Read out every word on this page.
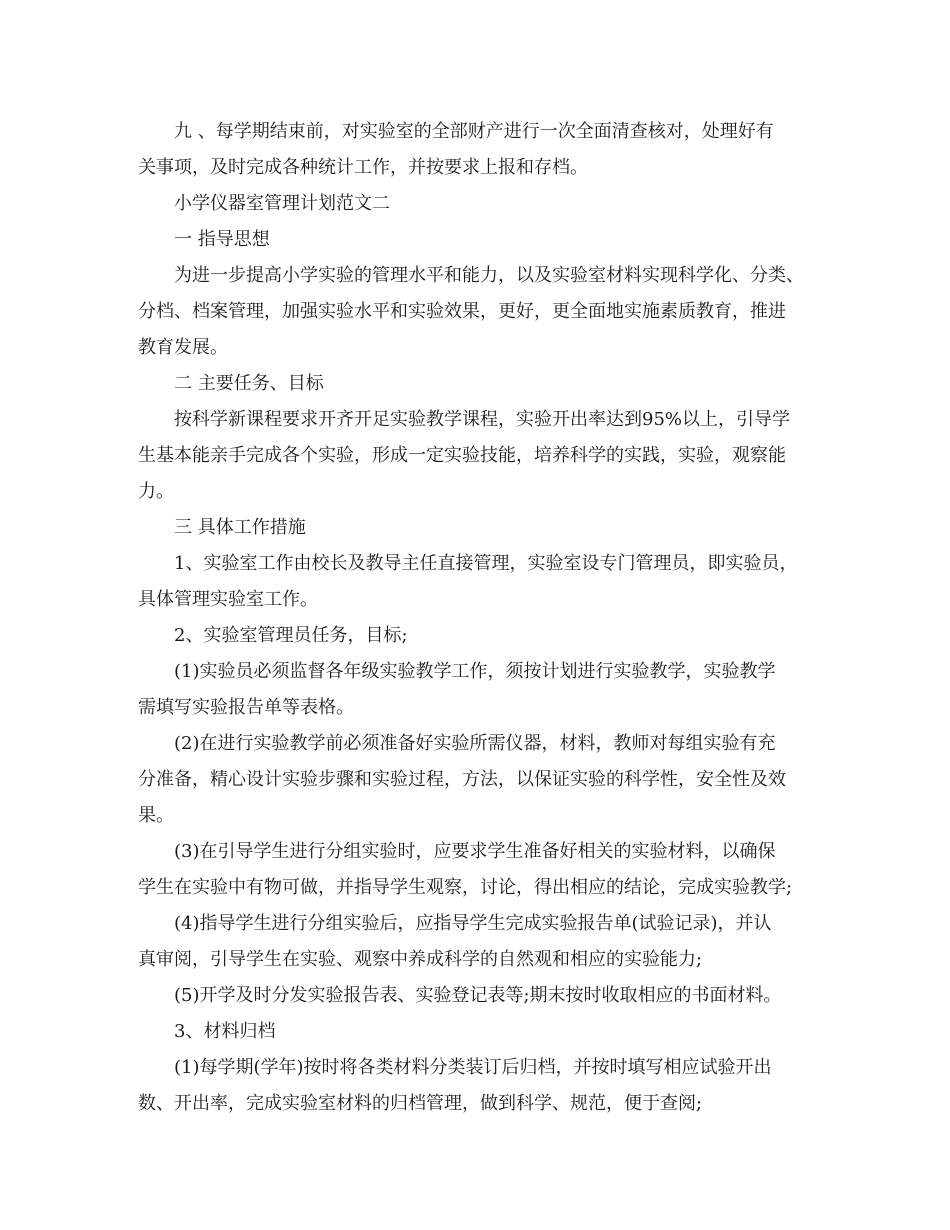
九 、每学期结束前，对实验室的全部财产进行一次全面清查核对，处理好有
关事项，及时完成各种统计工作，并按要求上报和存档。
小学仪器室管理计划范文二
一 指导思想
为进一步提高小学实验的管理水平和能力，以及实验室材料实现科学化、分类、
分档、档案管理，加强实验水平和实验效果，更好，更全面地实施素质教育，推进
教育发展。
二 主要任务、目标
按科学新课程要求开齐开足实验教学课程，实验开出率达到95%以上，引导学
生基本能亲手完成各个实验，形成一定实验技能，培养科学的实践，实验，观察能
力。
三 具体工作措施
1、实验室工作由校长及教导主任直接管理，实验室设专门管理员，即实验员，
具体管理实验室工作。
2、实验室管理员任务，目标;
(1)实验员必须监督各年级实验教学工作，须按计划进行实验教学，实验教学
需填写实验报告单等表格。
(2)在进行实验教学前必须准备好实验所需仪器，材料，教师对每组实验有充
分准备，精心设计实验步骤和实验过程，方法，以保证实验的科学性，安全性及效
果。
(3)在引导学生进行分组实验时，应要求学生准备好相关的实验材料，以确保
学生在实验中有物可做，并指导学生观察，讨论，得出相应的结论，完成实验教学;
(4)指导学生进行分组实验后，应指导学生完成实验报告单(试验记录)，并认
真审阅，引导学生在实验、观察中养成科学的自然观和相应的实验能力;
(5)开学及时分发实验报告表、实验登记表等;期末按时收取相应的书面材料。
3、材料归档
(1)每学期(学年)按时将各类材料分类装订后归档，并按时填写相应试验开出
数、开出率，完成实验室材料的归档管理，做到科学、规范，便于查阅;
